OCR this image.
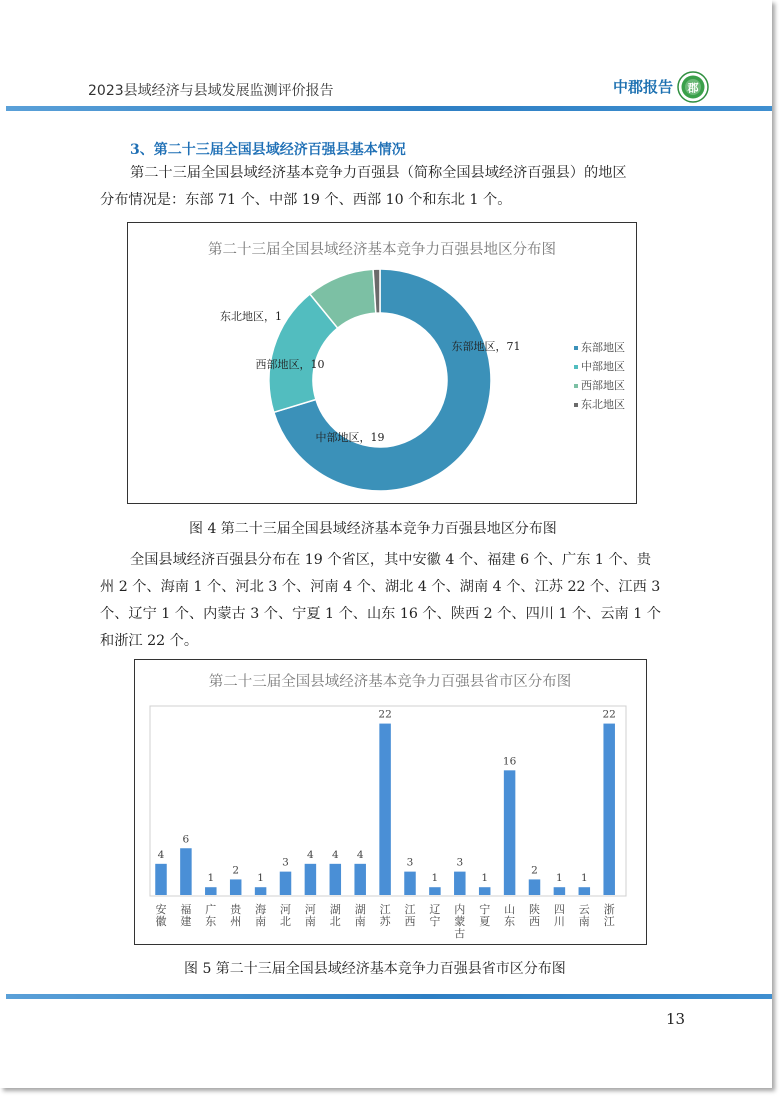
2023县域经济与县域发展监测评价报告	中郡报告 郡
3、第二十三届全国县域经济百强县基本情况
第二十三届全国县域经济基本竞争力百强县（简称全国县域经济百强县）的地区
分布情况是：东部 71 个、中部 19 个、西部 10 个和东北 1 个。
第二十三届全国县域经济基本竞争力百强县地区分布图
东部地区，71
中部地区，19
西部地区，10
东北地区，1
东部地区
中部地区
西部地区
东北地区
图 4 第二十三届全国县域经济基本竞争力百强县地区分布图
全国县域经济百强县分布在 19 个省区，其中安徽 4 个、福建 6 个、广东 1 个、贵
州 2 个、海南 1 个、河北 3 个、河南 4 个、湖北 4 个、湖南 4 个、江苏 22 个、江西 3
个、辽宁 1 个、内蒙古 3 个、宁夏 1 个、山东 16 个、陕西 2 个、四川 1 个、云南 1 个
和浙江 22 个。
第二十三届全国县域经济基本竞争力百强县省市区分布图
4
安
徽
6
福
建
1
广
东
2
贵
州
1
海
南
3
河
北
4
河
南
4
湖
北
4
湖
南
22
江
苏
3
江
西
1
辽
宁
3
内
蒙
古
1
宁
夏
16
山
东
2
陕
西
1
四
川
1
云
南
22
浙
江
图 5 第二十三届全国县域经济基本竞争力百强县省市区分布图
13
